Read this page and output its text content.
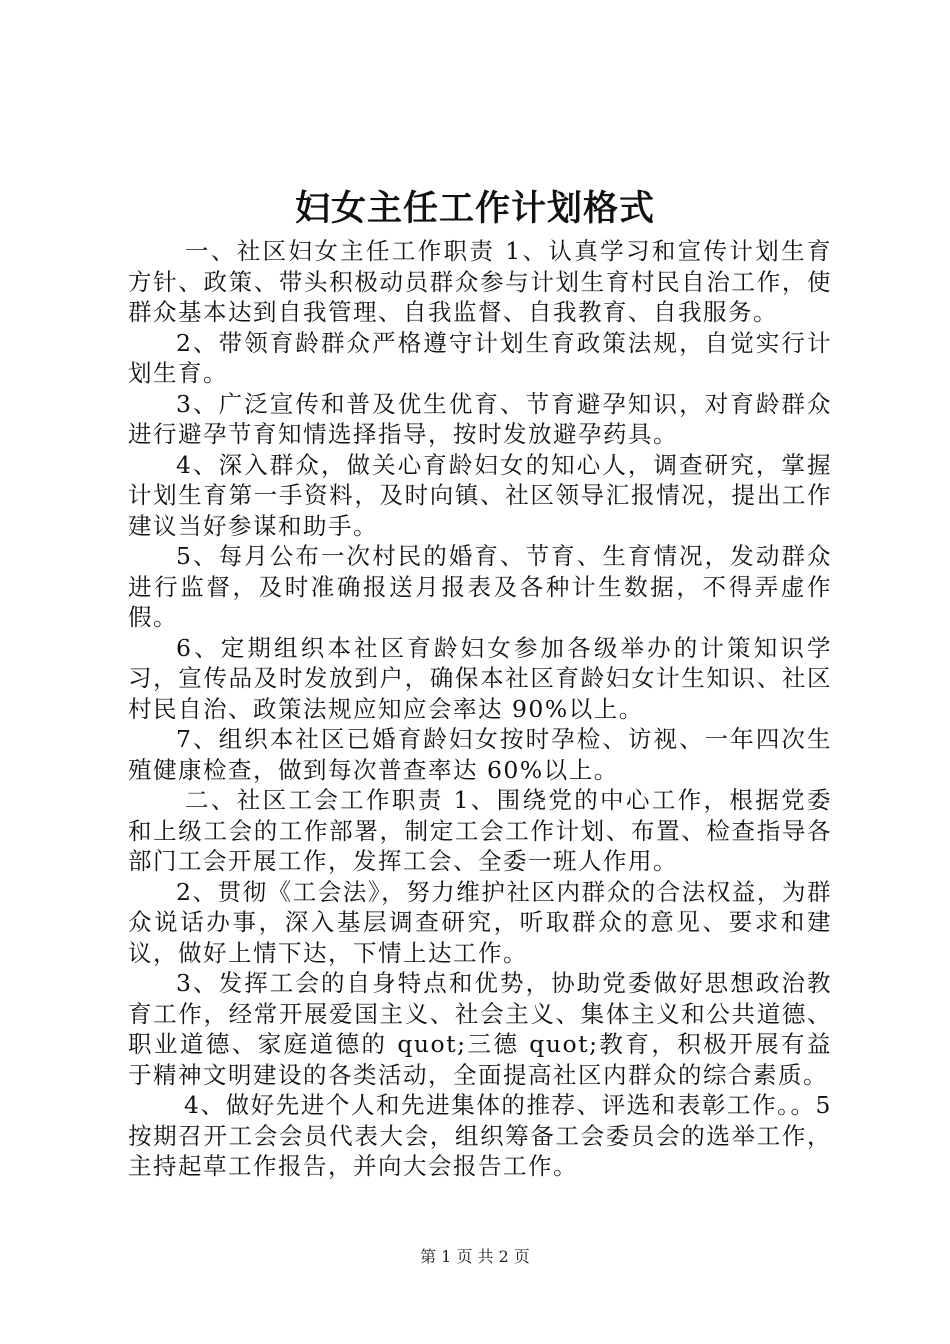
妇女主任工作计划格式

一、社区妇女主任工作职责 1、认真学习和宣传计划生育方针、政策、带头积极动员群众参与计划生育村民自治工作，使群众基本达到自我管理、自我监督、自我教育、自我服务。

2、带领育龄群众严格遵守计划生育政策法规，自觉实行计划生育。

3、广泛宣传和普及优生优育、节育避孕知识，对育龄群众进行避孕节育知情选择指导，按时发放避孕药具。

4、深入群众，做关心育龄妇女的知心人，调查研究，掌握计划生育第一手资料，及时向镇、社区领导汇报情况，提出工作建议当好参谋和助手。

5、每月公布一次村民的婚育、节育、生育情况，发动群众进行监督，及时准确报送月报表及各种计生数据，不得弄虚作假。

6、定期组织本社区育龄妇女参加各级举办的计策知识学习，宣传品及时发放到户，确保本社区育龄妇女计生知识、社区村民自治、政策法规应知应会率达 90%以上。

7、组织本社区已婚育龄妇女按时孕检、访视、一年四次生殖健康检查，做到每次普查率达 60%以上。

二、社区工会工作职责 1、围绕党的中心工作，根据党委和上级工会的工作部署，制定工会工作计划、布置、检查指导各部门工会开展工作，发挥工会、全委一班人作用。

2、贯彻《工会法》，努力维护社区内群众的合法权益，为群众说话办事，深入基层调查研究，听取群众的意见、要求和建议，做好上情下达，下情上达工作。

3、发挥工会的自身特点和优势，协助党委做好思想政治教育工作，经常开展爱国主义、社会主义、集体主义和公共道德、职业道德、家庭道德的 quot;三德 quot;教育，积极开展有益于精神文明建设的各类活动，全面提高社区内群众的综合素质。

4、做好先进个人和先进集体的推荐、评选和表彰工作。。5 按期召开工会会员代表大会，组织筹备工会委员会的选举工作，主持起草工作报告，并向大会报告工作。

第 1 页 共 2 页
